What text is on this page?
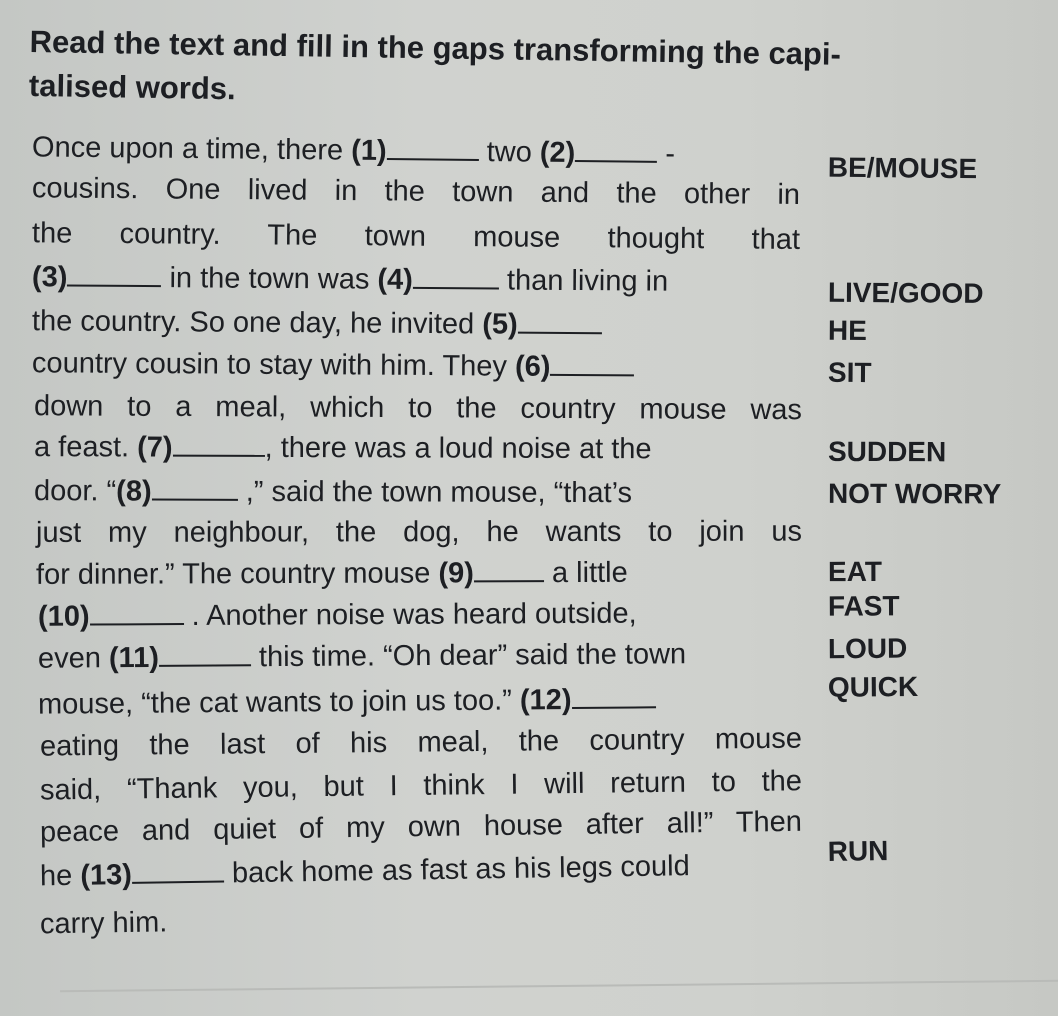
Read the text and fill in the gaps transforming the capi-
talised words.
Once upon a time, there (1)	two (2)	-	BE/MOUSE
cousins. One lived in the town and the other in
the country. The town mouse thought that
(3)	in the town was (4)	than living in	LIVE/GOOD
the country. So one day, he invited (5)	HE
country cousin to stay with him. They (6)	SIT
down to a meal, which to the country mouse was
a feast. (7)	, there was a loud noise at the	SUDDEN
door. “(8)	,” said the town mouse, “that’s	NOT WORRY
just my neighbour, the dog, he wants to join us
for dinner.” The country mouse (9) a little	EAT
(10)	. Another noise was heard outside,	FAST
even (11)	this time. “Oh dear” said the town	LOUD
mouse, “the cat wants to join us too.” (12)	QUICK
eating the last of his meal, the country mouse
said, “Thank you, but I think I will return to the
peace and quiet of my own house after all!” Then
he (13)	back home as fast as his legs could	RUN
carry him.
